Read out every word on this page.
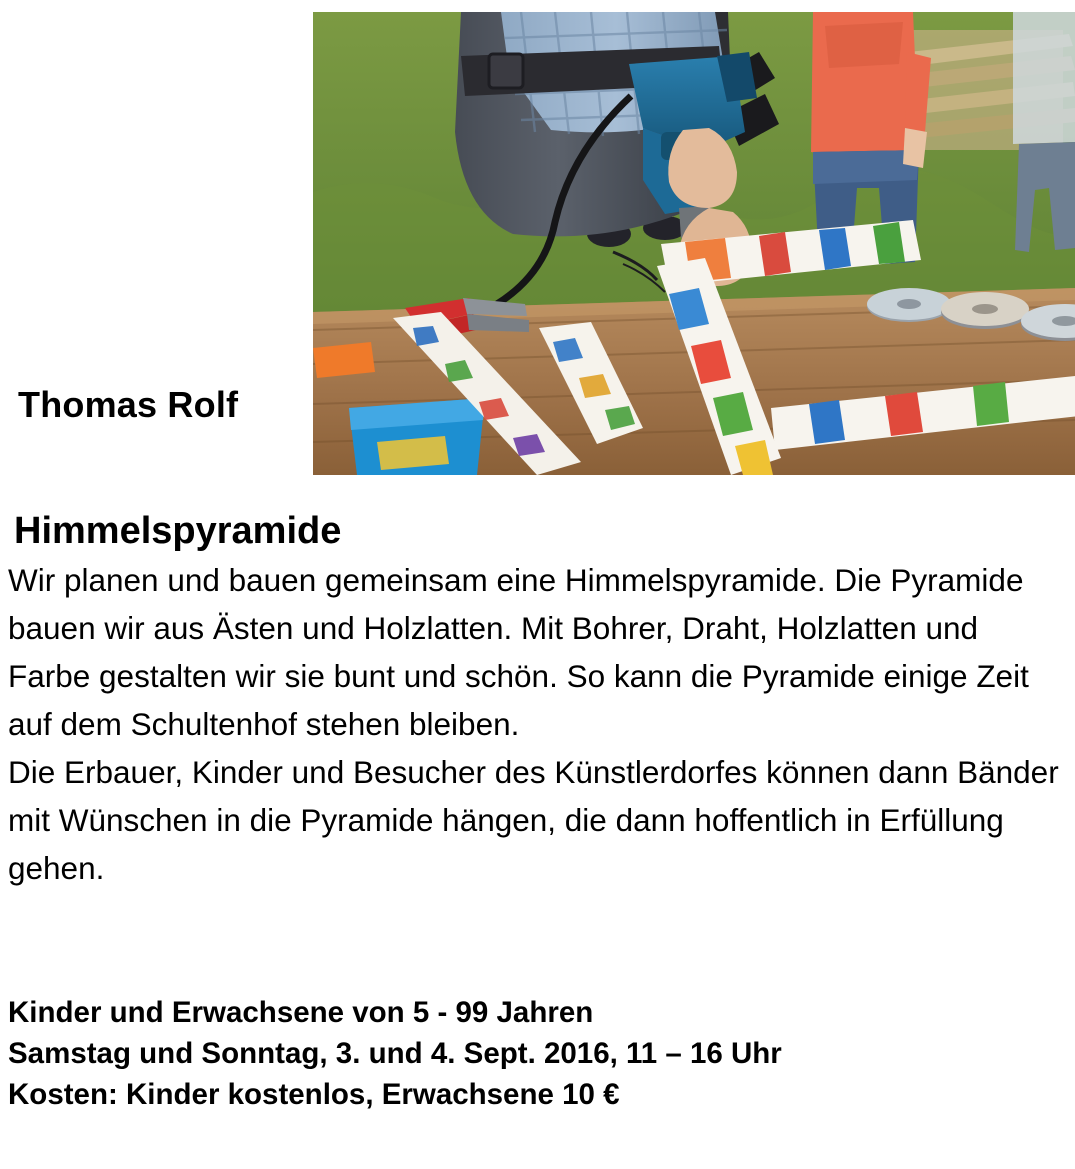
Thomas Rolf
Himmelspyramide

Wir planen und bauen gemeinsam eine Himmelspyramide. Die Pyramide bauen wir aus Ästen und Holzlatten. Mit Bohrer, Draht, Holzlatten und Farbe gestalten wir sie bunt und schön. So kann die Pyramide einige Zeit auf dem Schultenhof stehen bleiben.

Die Erbauer, Kinder und Besucher des Künstlerdorfes können dann Bänder mit Wünschen in die Pyramide hängen, die dann hoffentlich in Erfüllung gehen.

Kinder und Erwachsene von 5 - 99 Jahren

Samstag und Sonntag, 3. und 4. Sept. 2016, 11 – 16 Uhr

Kosten: Kinder kostenlos, Erwachsene 10 €
